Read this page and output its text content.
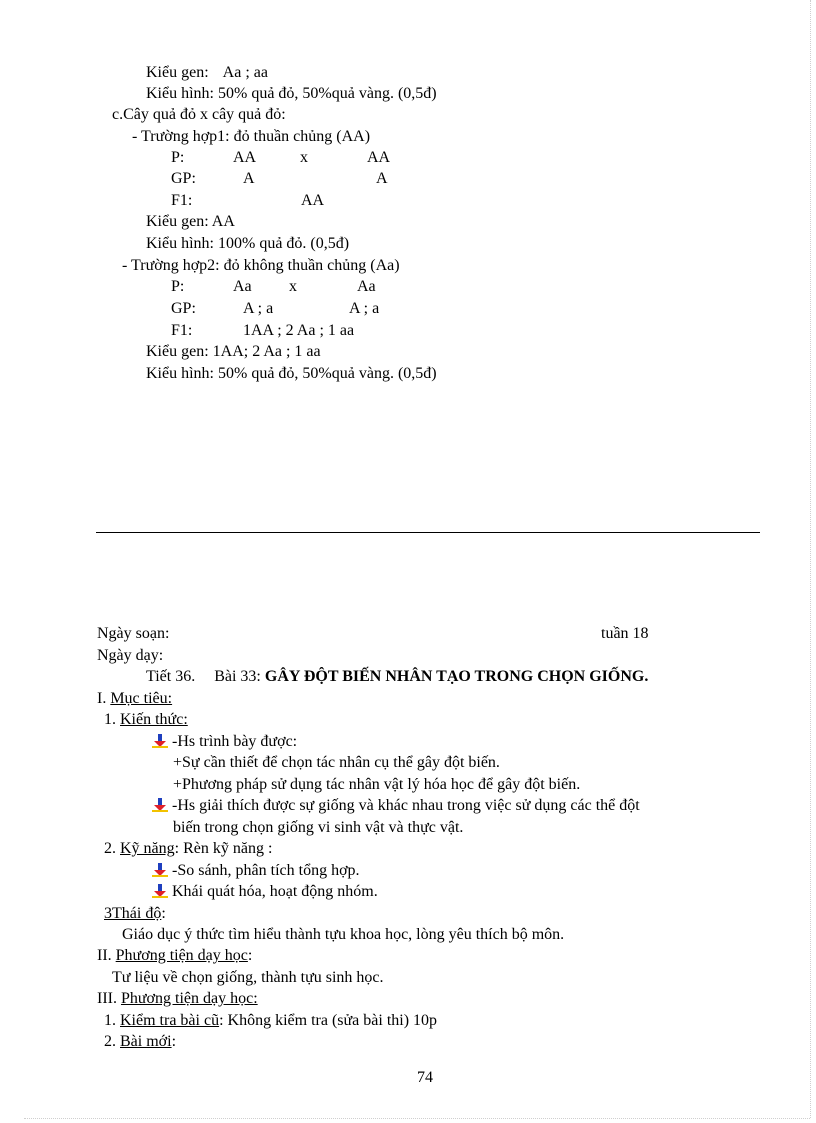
Kiểu gen: Aa ; aa
Kiểu hình: 50% quả đỏ, 50%quả vàng. (0,5đ)
c.Cây quả đỏ x cây quả đỏ:
- Trường hợp1: đỏ thuần chủng (AA)
P:	AA	x	AA
GP:	A	A
F1:	AA
Kiểu gen: AA
Kiểu hình: 100% quả đỏ. (0,5đ)
- Trường hợp2: đỏ không thuần chủng (Aa)
P:	Aa x	Aa
GP:	A ; a	A ; a
F1:	1AA ; 2 Aa ; 1 aa
Kiểu gen: 1AA; 2 Aa ; 1 aa
Kiểu hình: 50% quả đỏ, 50%quả vàng. (0,5đ)
Ngày soạn:	tuần 18
Ngày dạy:
Tiết 36. Bài 33: GÂY ĐỘT BIẾN NHÂN TẠO TRONG CHỌN GIỐNG.
I. Mục tiêu:
1. Kiến thức:
-Hs trình bày được:
+Sự cần thiết để chọn tác nhân cụ thể gây đột biến.
+Phương pháp sử dụng tác nhân vật lý hóa học để gây đột biến.
-Hs giải thích được sự giống và khác nhau trong việc sử dụng các thể đột
biến trong chọn giống vi sinh vật và thực vật.
2. Kỹ năng: Rèn kỹ năng :
-So sánh, phân tích tổng hợp.
Khái quát hóa, hoạt động nhóm.
3Thái độ:
Giáo dục ý thức tìm hiểu thành tựu khoa học, lòng yêu thích bộ môn.
II. Phương tiện dạy học:
Tư liệu về chọn giống, thành tựu sinh học.
III. Phương tiện dạy học:
1. Kiểm tra bài cũ: Không kiểm tra (sửa bài thi) 10p
2. Bài mới:
74
